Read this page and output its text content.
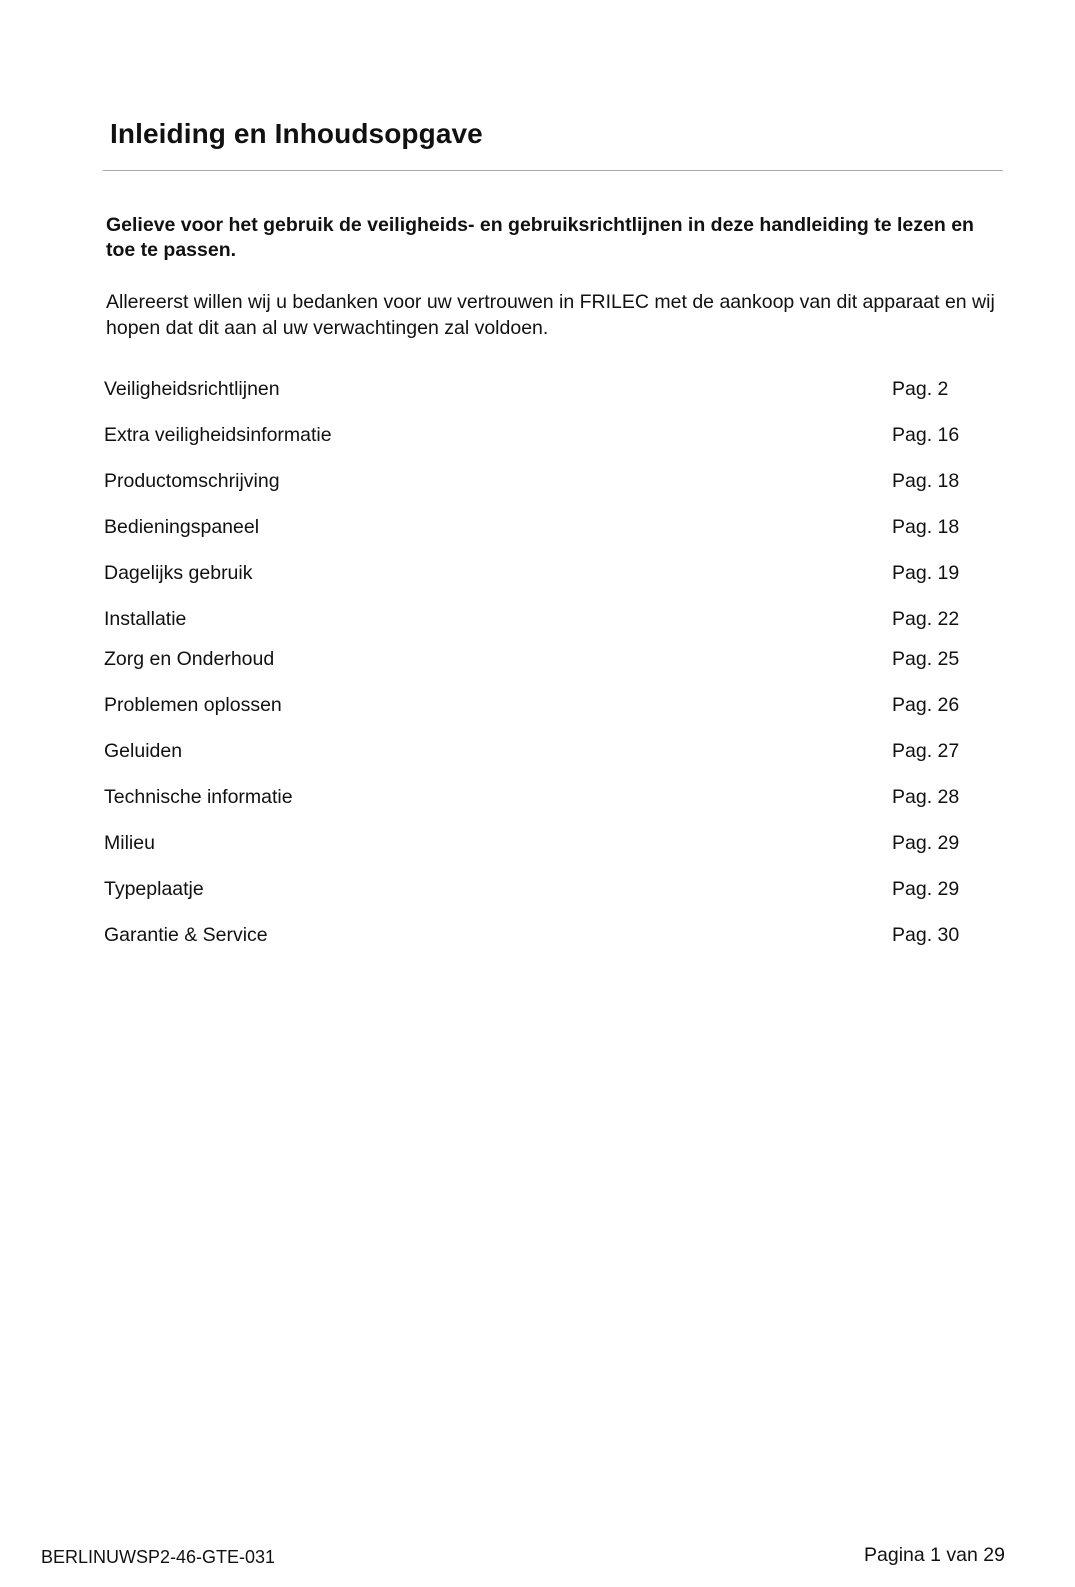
Inleiding en Inhoudsopgave

Gelieve voor het gebruik de veiligheids- en gebruiksrichtlijnen in deze handleiding te lezen en toe te passen.

Allereerst willen wij u bedanken voor uw vertrouwen in FRILEC met de aankoop van dit apparaat en wij hopen dat dit aan al uw verwachtingen zal voldoen.

Veiligheidsrichtlijnen	Pag. 2
Extra veiligheidsinformatie	Pag. 16
Productomschrijving	Pag. 18
Bedieningspaneel	Pag. 18
Dagelijks gebruik	Pag. 19
Installatie	Pag. 22
Zorg en Onderhoud	Pag. 25
Problemen oplossen	Pag. 26
Geluiden	Pag. 27
Technische informatie	Pag. 28
Milieu	Pag. 29
Typeplaatje	Pag. 29
Garantie & Service	Pag. 30
BERLINUWSP2-46-GTE-031	Pagina 1 van 29
